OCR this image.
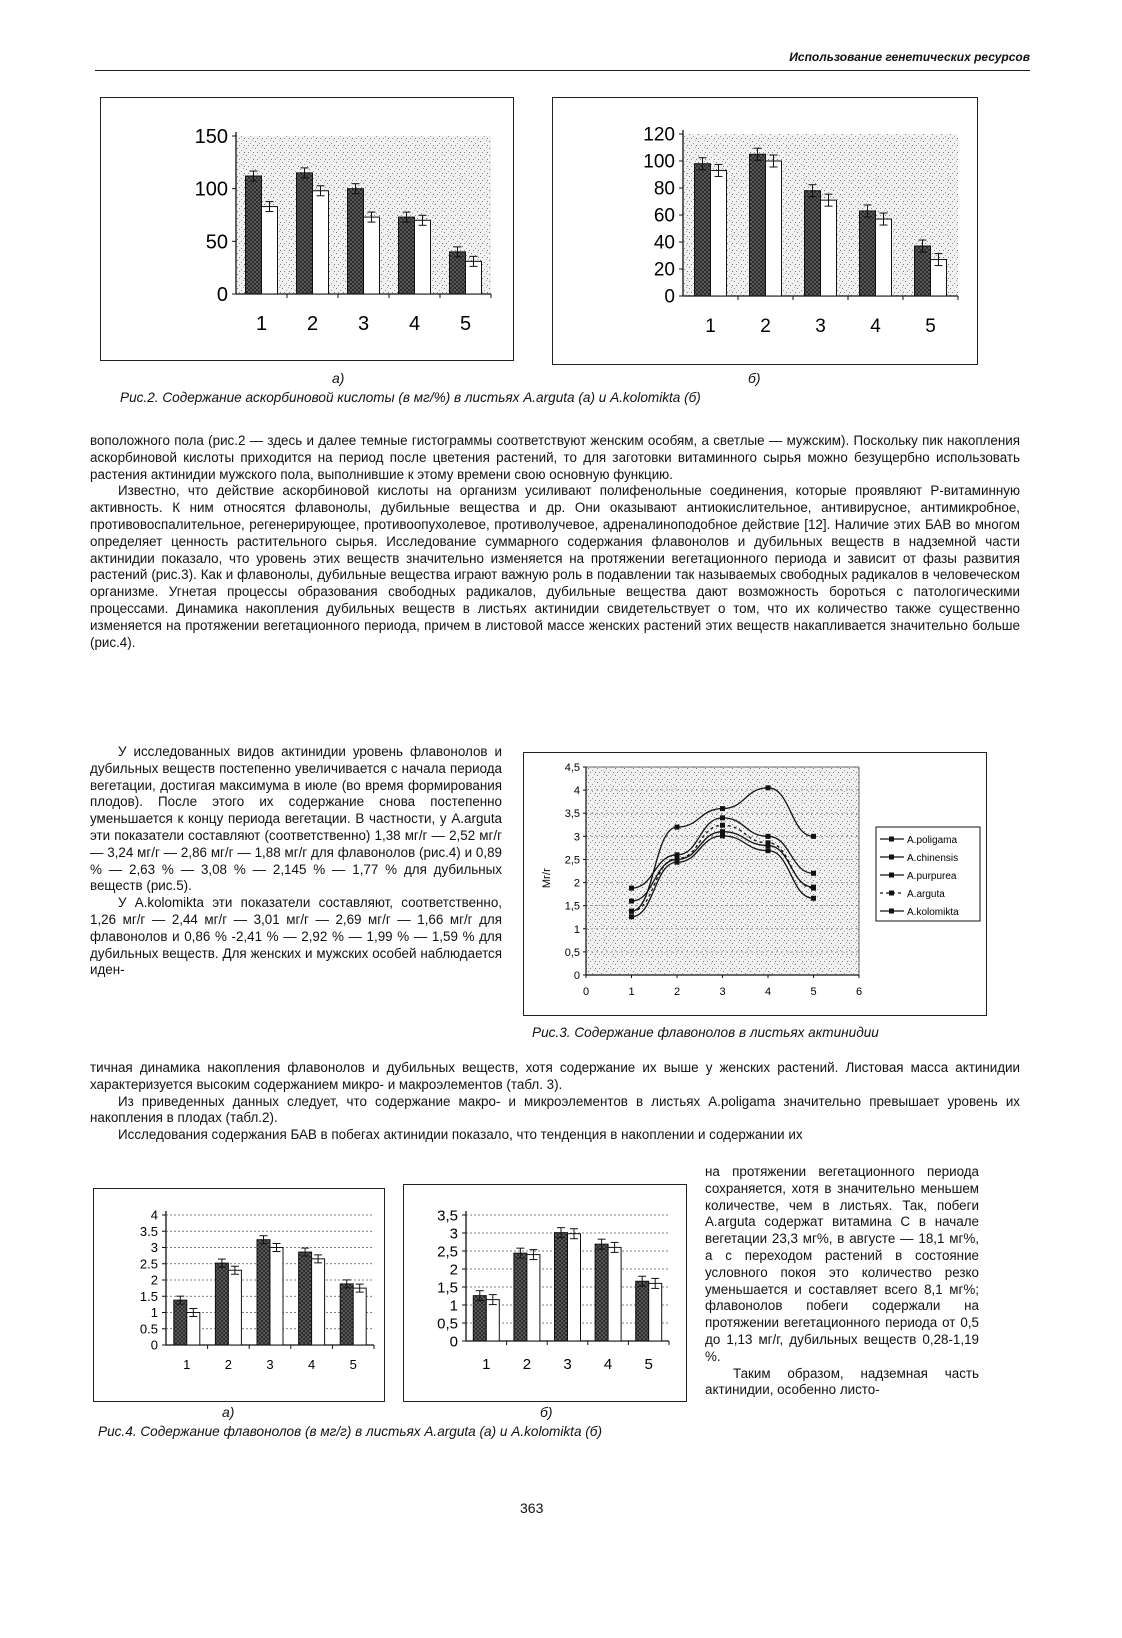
Использование генетических ресурсов
0
50
100
150
1 2 3 4 5
0
20
40
60
80
100
120
1 2 3 4 5
а)	б)
Рис.2. Содержание аскорбиновой кислоты (в мг/%) в листьях A.arguta (а) и A.kolomikta (б)

воположного пола (рис.2 — здесь и далее темные гистограммы соответствуют женским особям, а светлые — мужским). Поскольку пик накопления аскорбиновой кислоты приходится на период после цветения растений, то для заготовки витаминного сырья можно безущербно использовать растения актинидии мужского пола, выполнившие к этому времени свою основную функцию.

Известно, что действие аскорбиновой кислоты на организм усиливают полифенольные соединения, которые проявляют Р-витаминную активность. К ним относятся флавонолы, дубильные вещества и др. Они оказывают антиокислительное, антивирусное, антимикробное, противовоспалительное, регенерирующее, противоопухолевое, противолучевое, адреналиноподобное действие [12]. Наличие этих БАВ во многом определяет ценность растительного сырья. Исследование суммарного содержания флавонолов и дубильных веществ в надземной части актинидии показало, что уровень этих веществ значительно изменяется на протяжении вегетационного периода и зависит от фазы развития растений (рис.3). Как и флавонолы, дубильные вещества играют важную роль в подавлении так называемых свободных радикалов в человеческом организме. Угнетая процессы образования свободных радикалов, дубильные вещества дают возможность бороться с патологическими процессами. Динамика накопления дубильных веществ в листьях актинидии свидетельствует о том, что их количество также существенно изменяется на протяжении вегетационного периода, причем в листовой массе женских растений этих веществ накапливается значительно больше (рис.4).

У исследованных видов актинидии уровень флавонолов и дубильных веществ постепенно увеличивается с начала периода вегетации, достигая максимума в июле (во время формирования плодов). После этого их содержание снова постепенно уменьшается к концу периода вегетации. В частности, у A.arguta эти показатели составляют (соответственно) 1,38 мг/г — 2,52 мг/г — 3,24 мг/г — 2,86 мг/г — 1,88 мг/г для флавонолов (рис.4) и 0,89 % — 2,63 % — 3,08 % — 2,145 % — 1,77 % для дубильных веществ (рис.5).

У A.kolomikta эти показатели составляют, соответственно, 1,26 мг/г — 2,44 мг/г — 3,01 мг/г — 2,69 мг/г — 1,66 мг/г для флавонолов и 0,86 % -2,41 % — 2,92 % — 1,99 % — 1,59 % для дубильных веществ. Для женских и мужских особей наблюдается иден-	0
0,5
1
1,5
2
2,5
3
3,5
4
4,5
0	1	2	3	4	5	6
Мг/г
A.poligama
A.chinensis
A.purpurea
A.arguta
A.kolomikta
Рис.3. Содержание флавонолов в листьях актинидии

тичная динамика накопления флавонолов и дубильных веществ, хотя содержание их выше у женских растений. Листовая масса актинидии характеризуется высоким содержанием микро- и макроэлементов (табл. 3).

Из приведенных данных следует, что содержание макро- и микроэлементов в листьях A.poligama значительно превышает уровень их накопления в плодах (табл.2).

Исследования содержания БАВ в побегах актинидии показало, что тенденция в накоплении и содержании их

на протяжении вегетационного периода сохраняется, хотя в значительно меньшем количестве, чем в листьях. Так, побеги A.arguta содержат витамина С в начале вегетации 23,3 мг%, в августе — 18,1 мг%, а с переходом растений в состояние условного покоя это количество резко уменьшается и составляет всего 8,1 мг%; флавонолов побеги содержали на протяжении вегетационного периода от 0,5 до 1,13 мг/г, дубильных веществ 0,28-1,19 %.

Таким образом, надземная часть актинидии, особенно листо-

0
0.5
1
1.5
2
2.5
3
3.5
4
1	2	3	4	5
0
0,5
1
1,5
2
2,5
3
3,5
1 2 3 4 5
а)	б)
Рис.4. Содержание флавонолов (в мг/г) в листьях A.arguta (а) и A.kolomikta (б)
363
